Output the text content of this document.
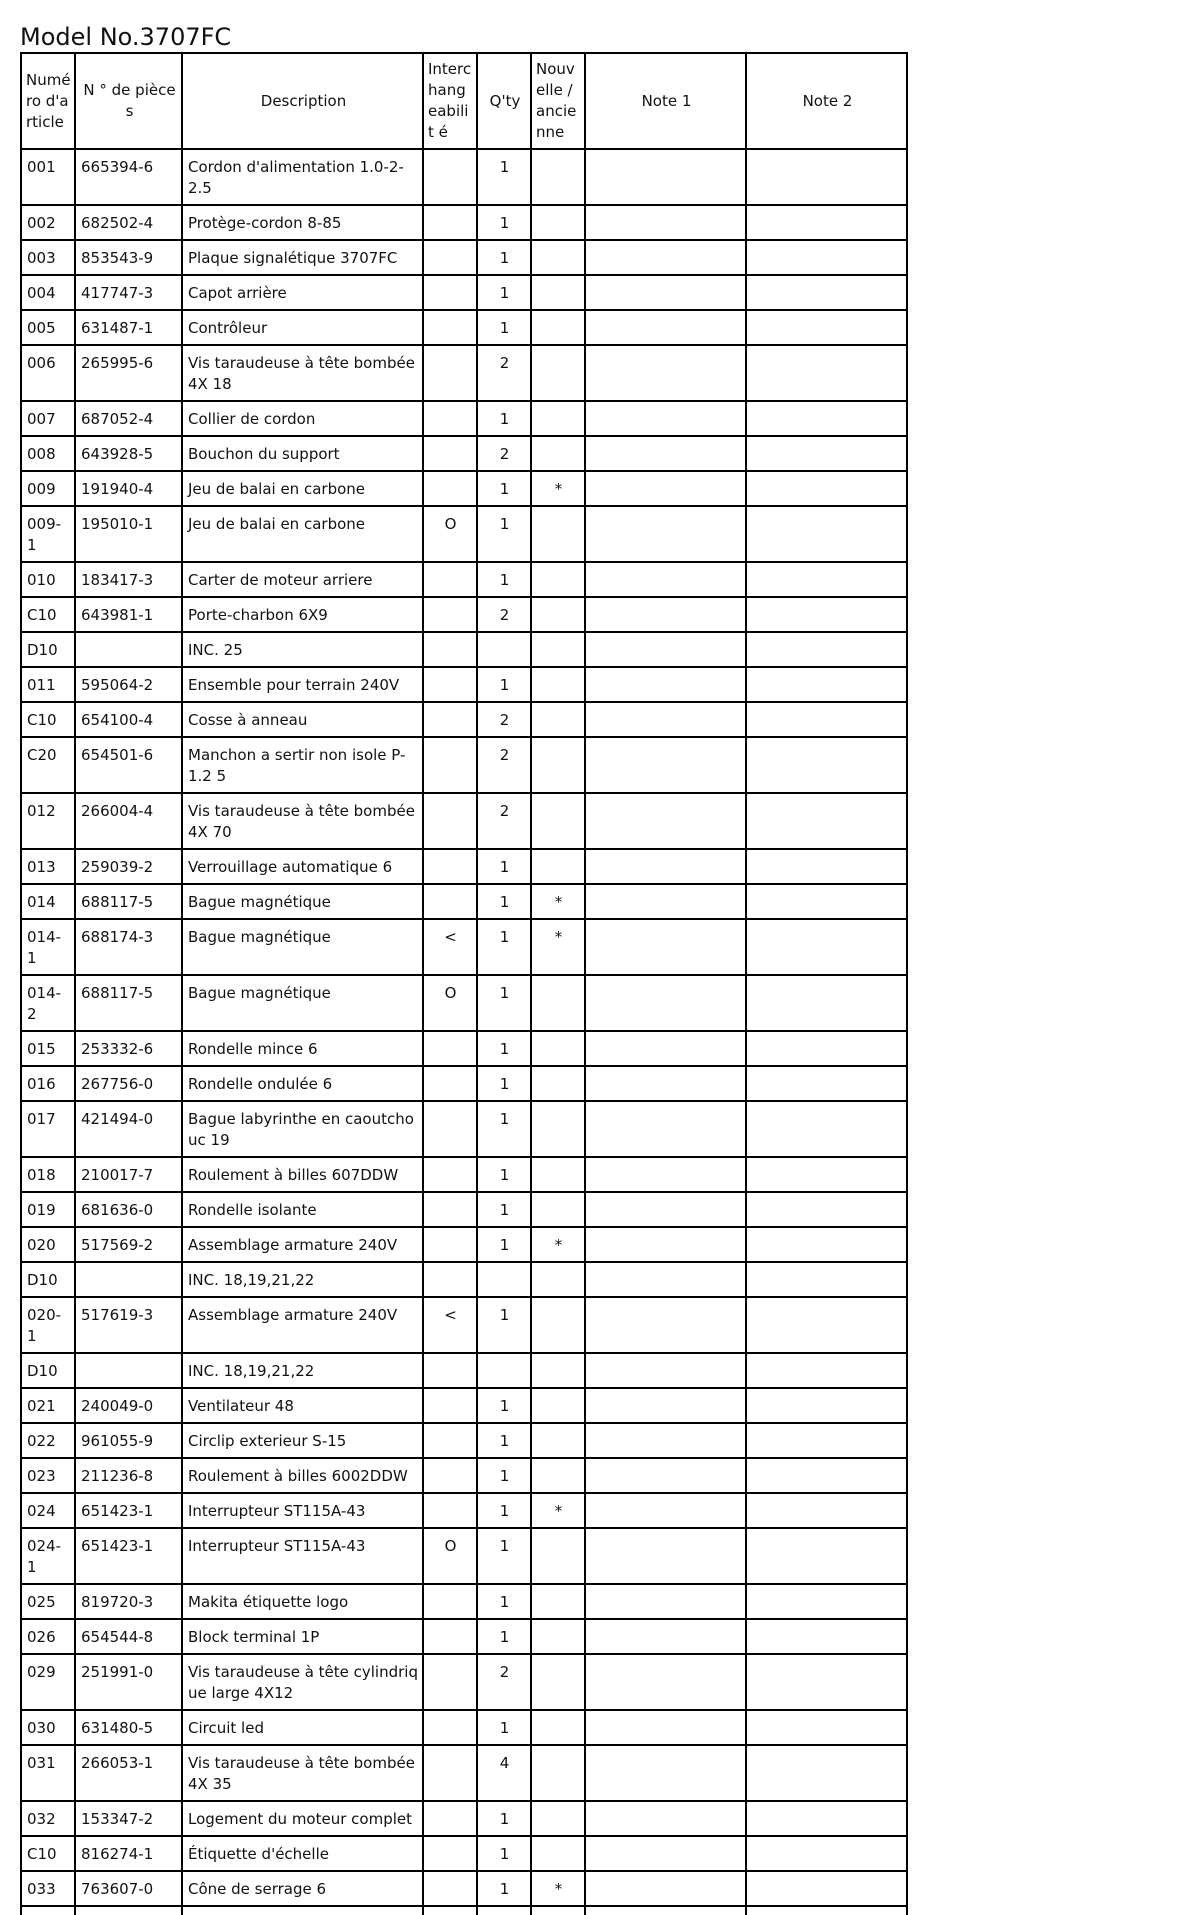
Model No.3707FC
Numé ro d'a rticle	N ° de pièces	Description	Interc hang eabilit é	Q'ty	Nouv elle / ancie nne	Note 1	Note 2
001	665394-6	Cordon d'alimentation 1.0-2-2.5		1			
002	682502-4	Protège-cordon 8-85		1			
003	853543-9	Plaque signalétique 3707FC		1			
004	417747-3	Capot arrière		1			
005	631487-1	Contrôleur		1			
006	265995-6	Vis taraudeuse à tête bombée 4X 18		2			
007	687052-4	Collier de cordon		1			
008	643928-5	Bouchon du support		2			
009	191940-4	Jeu de balai en carbone		1	*		
009-1	195010-1	Jeu de balai en carbone	O	1			
010	183417-3	Carter de moteur arriere		1			
C10	643981-1	Porte-charbon 6X9		2			
D10		INC. 25					
011	595064-2	Ensemble pour terrain 240V		1			
C10	654100-4	Cosse à anneau		2			
C20	654501-6	Manchon a sertir non isole P-1.2 5		2			
012	266004-4	Vis taraudeuse à tête bombée 4X 70		2			
013	259039-2	Verrouillage automatique 6		1			
014	688117-5	Bague magnétique		1	*		
014-1	688174-3	Bague magnétique	<	1	*		
014-2	688117-5	Bague magnétique	O	1			
015	253332-6	Rondelle mince 6		1			
016	267756-0	Rondelle ondulée 6		1			
017	421494-0	Bague labyrinthe en caoutchouc 19		1			
018	210017-7	Roulement à billes 607DDW		1			
019	681636-0	Rondelle isolante		1			
020	517569-2	Assemblage armature 240V		1	*		
D10		INC. 18,19,21,22					
020-1	517619-3	Assemblage armature 240V	<	1			
D10		INC. 18,19,21,22					
021	240049-0	Ventilateur 48		1			
022	961055-9	Circlip exterieur S-15		1			
023	211236-8	Roulement à billes 6002DDW		1			
024	651423-1	Interrupteur ST115A-43		1	*		
024-1	651423-1	Interrupteur ST115A-43	O	1			
025	819720-3	Makita étiquette logo		1			
026	654544-8	Block terminal 1P		1			
029	251991-0	Vis taraudeuse à tête cylindrique large 4X12		2			
030	631480-5	Circuit led		1			
031	266053-1	Vis taraudeuse à tête bombée 4X 35		4			
032	153347-2	Logement du moteur complet		1			
C10	816274-1	Étiquette d'échelle		1			
033	763607-0	Cône de serrage 6		1	*		
